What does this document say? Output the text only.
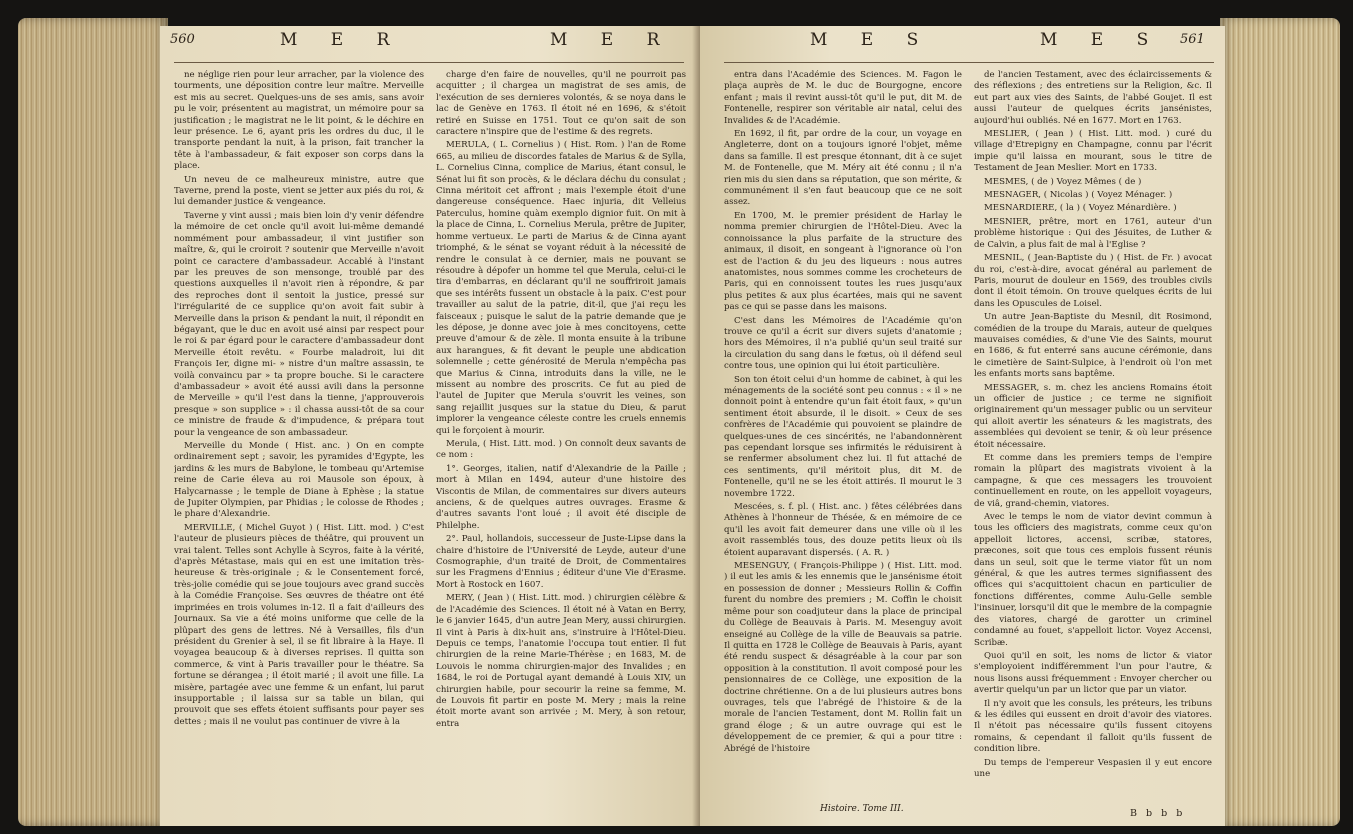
560	M E R	M E R

ne néglige rien pour leur arracher, par la violence des tourments, une déposition contre leur maître. Merveille est mis au secret. Quelques-uns de ses amis, sans avoir pu le voir, présentent au magistrat, un mémoire pour sa justification ; le magistrat ne le lit point, & le déchire en leur présence. Le 6, ayant pris les ordres du duc, il le transporte pendant la nuit, à la prison, fait trancher la tête à l'ambassadeur, & fait exposer son corps dans la place.

Un neveu de ce malheureux ministre, autre que Taverne, prend la poste, vient se jetter aux piés du roi, & lui demander justice & vengeance.

Taverne y vint aussi ; mais bien loin d'y venir défendre la mémoire de cet oncle qu'il avoit lui-même demandé nommément pour ambassadeur, il vint justifier son maître, &, qui le croiroit ? soutenir que Merveille n'avoit point ce caractere d'ambassadeur. Accablé à l'instant par les preuves de son mensonge, troublé par des questions auxquelles il n'avoit rien à répondre, & par des reproches dont il sentoit la justice, pressé sur l'irrégularité de ce supplice qu'on avoit fait subir à Merveille dans la prison & pendant la nuit, il répondit en bégayant, que le duc en avoit usé ainsi par respect pour le roi & par égard pour le caractere d'ambassadeur dont Merveille étoit revêtu. « Fourbe maladroit, lui dit François Ier, digne mi- » nistre d'un maître assassin, te voilà convaincu par » ta propre bouche. Si le caractere d'ambassadeur » avoit été aussi avili dans la personne de Merveille » qu'il l'est dans la tienne, j'approuverois presque » son supplice » : il chassa aussi-tôt de sa cour ce ministre de fraude & d'impudence, & prépara tout pour la vengeance de son ambassadeur.

Merveille du Monde ( Hist. anc. ) On en compte ordinairement sept ; savoir, les pyramides d'Egypte, les jardins & les murs de Babylone, le tombeau qu'Artemise reine de Carie éleva au roi Mausole son époux, à Halycarnasse ; le temple de Diane à Ephèse ; la statue de Jupiter Olympien, par Phidias ; le colosse de Rhodes ; le phare d'Alexandrie.

MERVILLE, ( Michel Guyot ) ( Hist. Litt. mod. ) C'est l'auteur de plusieurs pièces de théâtre, qui prouvent un vrai talent. Telles sont Achylle à Scyros, faite à la vérité, d'après Métastase, mais qui en est une imitation très-heureuse & très-originale ; & le Consentement forcé, très-jolie comédie qui se joue toujours avec grand succès à la Comédie Françoise. Ses œuvres de théatre ont été imprimées en trois volumes in-12. Il a fait d'ailleurs des Journaux. Sa vie a été moins uniforme que celle de la plûpart des gens de lettres. Né à Versailles, fils d'un président du Grenier à sel, il se fit libraire à la Haye. Il voyagea beaucoup & à diverses reprises. Il quitta son commerce, & vint à Paris travailler pour le théatre. Sa fortune se dérangea ; il étoit marié ; il avoit une fille. La misère, partagée avec une femme & un enfant, lui parut insupportable ; il laissa sur sa table un bilan, qui prouvoit que ses effets étoient suffisants pour payer ses dettes ; mais il ne voulut pas continuer de vivre à la

charge d'en faire de nouvelles, qu'il ne pourroit pas acquitter ; il chargea un magistrat de ses amis, de l'exécution de ses dernieres volontés, & se noya dans le lac de Genève en 1763. Il étoit né en 1696, & s'étoit retiré en Suisse en 1751. Tout ce qu'on sait de son caractere n'inspire que de l'estime & des regrets.

MERULA, ( L. Cornelius ) ( Hist. Rom. ) l'an de Rome 665, au milieu de discordes fatales de Marius & de Sylla, L. Cornelius Cinna, complice de Marius, étant consul, le Sénat lui fit son procès, & le déclara déchu du consulat ; Cinna méritoit cet affront ; mais l'exemple étoit d'une dangereuse conséquence. Haec injuria, dit Velleius Paterculus, homine quàm exemplo dignior fuit. On mit à la place de Cinna, L. Cornelius Merula, prêtre de Jupiter, homme vertueux. Le parti de Marius & de Cinna ayant triomphé, & le sénat se voyant réduit à la nécessité de rendre le consulat à ce dernier, mais ne pouvant se résoudre à dépofer un homme tel que Merula, celui-ci le tira d'embarras, en déclarant qu'il ne souffriroit jamais que ses intérêts fussent un obstacle à la paix. C'est pour travailler au salut de la patrie, dit-il, que j'ai reçu les faisceaux ; puisque le salut de la patrie demande que je les dépose, je donne avec joie à mes concitoyens, cette preuve d'amour & de zèle. Il monta ensuite à la tribune aux harangues, & fit devant le peuple une abdication solemnelle ; cette générosité de Merula n'empêcha pas que Marius & Cinna, introduits dans la ville, ne le missent au nombre des proscrits. Ce fut au pied de l'autel de Jupiter que Merula s'ouvrit les veines, son sang rejaillit jusques sur la statue du Dieu, & parut implorer la vengeance céleste contre les cruels ennemis qui le forçoient à mourir.

Merula, ( Hist. Litt. mod. ) On connoît deux savants de ce nom :

1°. Georges, italien, natif d'Alexandrie de la Paille ; mort à Milan en 1494, auteur d'une histoire des Viscontis de Milan, de commentaires sur divers auteurs anciens, & de quelques autres ouvrages. Erasme & d'autres savants l'ont loué ; il avoit été disciple de Philelphe.

2°. Paul, hollandois, successeur de Juste-Lipse dans la chaire d'histoire de l'Université de Leyde, auteur d'une Cosmographie, d'un traité de Droit, de Commentaires sur les Fragmens d'Ennius ; éditeur d'une Vie d'Erasme. Mort à Rostock en 1607.

MERY, ( Jean ) ( Hist. Litt. mod. ) chirurgien célèbre & de l'Académie des Sciences. Il étoit né à Vatan en Berry, le 6 janvier 1645, d'un autre Jean Mery, aussi chirurgien. Il vint à Paris à dix-huit ans, s'instruire à l'Hôtel-Dieu. Depuis ce temps, l'anatomie l'occupa tout entier. Il fut chirurgien de la reine Marie-Thérèse ; en 1683, M. de Louvois le nomma chirurgien-major des Invalides ; en 1684, le roi de Portugal ayant demandé à Louis XIV, un chirurgien habile, pour secourir la reine sa femme, M. de Louvois fit partir en poste M. Mery ; mais la reine étoit morte avant son arrivée ; M. Mery, à son retour, entra

M E S	M E S 561

entra dans l'Académie des Sciences. M. Fagon le plaça auprès de M. le duc de Bourgogne, encore enfant ; mais il revint aussi-tôt qu'il le put, dit M. de Fontenelle, respirer son véritable air natal, celui des Invalides & de l'Académie.

En 1692, il fit, par ordre de la cour, un voyage en Angleterre, dont on a toujours ignoré l'objet, même dans sa famille. Il est presque étonnant, dit à ce sujet M. de Fontenelle, que M. Méry ait été connu ; il n'a rien mis du sien dans sa réputation, que son mérite, & communément il s'en faut beaucoup que ce ne soit assez.

En 1700, M. le premier président de Harlay le nomma premier chirurgien de l'Hôtel-Dieu. Avec la connoissance la plus parfaite de la structure des animaux, il disoit, en songeant à l'ignorance où l'on est de l'action & du jeu des liqueurs : nous autres anatomistes, nous sommes comme les crocheteurs de Paris, qui en connoissent toutes les rues jusqu'aux plus petites & aux plus écartées, mais qui ne savent pas ce qui se passe dans les maisons.

C'est dans les Mémoires de l'Académie qu'on trouve ce qu'il a écrit sur divers sujets d'anatomie ; hors des Mémoires, il n'a publié qu'un seul traité sur la circulation du sang dans le fœtus, où il défend seul contre tous, une opinion qui lui étoit particulière.

Son ton étoit celui d'un homme de cabinet, à qui les ménagements de la société sont peu connus : « il » ne donnoit point à entendre qu'un fait étoit faux, » qu'un sentiment étoit absurde, il le disoit. » Ceux de ses confrères de l'Académie qui pouvoient se plaindre de quelques-unes de ces sincérités, ne l'abandonnèrent pas cependant lorsque ses infirmités le réduisirent à se renfermer absolument chez lui. Il fut attaché de ces sentiments, qu'il méritoit plus, dit M. de Fontenelle, qu'il ne se les étoit attirés. Il mourut le 3 novembre 1722.

Mescées, s. f. pl. ( Hist. anc. ) fêtes célébrées dans Athènes à l'honneur de Thésée, & en mémoire de ce qu'il les avoit fait demeurer dans une ville où il les avoit rassemblés tous, des douze petits lieux où ils étoient auparavant dispersés. ( A. R. )

MESENGUY, ( François-Philippe ) ( Hist. Litt. mod. ) il eut les amis & les ennemis que le jansénisme étoit en possession de donner ; Messieurs Rollin & Coffin furent du nombre des premiers ; M. Coffin le choisit même pour son coadjuteur dans la place de principal du Collège de Beauvais à Paris. M. Mesenguy avoit enseigné au Collège de la ville de Beauvais sa patrie. Il quitta en 1728 le Collège de Beauvais à Paris, ayant été rendu suspect & désagréable à la cour par son opposition à la constitution. Il avoit composé pour les pensionnaires de ce Collège, une exposition de la doctrine chrétienne. On a de lui plusieurs autres bons ouvrages, tels que l'abrégé de l'histoire & de la morale de l'ancien Testament, dont M. Rollin fait un grand éloge ; & un autre ouvrage qui est le développement de ce premier, & qui a pour titre : Abrégé de l'histoire

Histoire. Tome III.

de l'ancien Testament, avec des éclaircissements & des réflexions ; des entretiens sur la Religion, &c. Il eut part aux vies des Saints, de l'abbé Goujet. Il est aussi l'auteur de quelques écrits jansénistes, aujourd'hui oubliés. Né en 1677. Mort en 1763.

MESLIER, ( Jean ) ( Hist. Litt. mod. ) curé du village d'Etrepigny en Champagne, connu par l'écrit impie qu'il laissa en mourant, sous le titre de Testament de Jean Meslier. Mort en 1733.

MESMES, ( de ) Voyez Mêmes ( de )

MESNAGER, ( Nicolas ) ( Voyez Ménager. )

MESNARDIERE, ( la ) ( Voyez Ménardière. )

MESNIER, prêtre, mort en 1761, auteur d'un problème historique : Qui des Jésuites, de Luther & de Calvin, a plus fait de mal à l'Eglise ?

MESNIL, ( Jean-Baptiste du ) ( Hist. de Fr. ) avocat du roi, c'est-à-dire, avocat général au parlement de Paris, mourut de douleur en 1569, des troubles civils dont il étoit témoin. On trouve quelques écrits de lui dans les Opuscules de Loisel.

Un autre Jean-Baptiste du Mesnil, dit Rosimond, comédien de la troupe du Marais, auteur de quelques mauvaises comédies, & d'une Vie des Saints, mourut en 1686, & fut enterré sans aucune cérémonie, dans le cimetière de Saint-Sulpice, à l'endroit où l'on met les enfants morts sans baptême.

MESSAGER, s. m. chez les anciens Romains étoit un officier de justice ; ce terme ne signifioit originairement qu'un messager public ou un serviteur qui alloit avertir les sénateurs & les magistrats, des assemblées qui devoient se tenir, & où leur présence étoit nécessaire.

Et comme dans les premiers temps de l'empire romain la plûpart des magistrats vivoient à la campagne, & que ces messagers les trouvoient continuellement en route, on les appelloit voyageurs, de viâ, grand-chemin, viatores.

Avec le temps le nom de viator devint commun à tous les officiers des magistrats, comme ceux qu'on appelloit lictores, accensi, scribæ, statores, præcones, soit que tous ces emplois fussent réunis dans un seul, soit que le terme viator fût un nom général, & que les autres termes signifiassent des offices qui s'acquittoient chacun en particulier de fonctions différentes, comme Aulu-Gelle semble l'insinuer, lorsqu'il dit que le membre de la compagnie des viatores, chargé de garotter un criminel condamné au fouet, s'appelloit lictor. Voyez Accensi, Scribæ.

Quoi qu'il en soit, les noms de lictor & viator s'employoient indifféremment l'un pour l'autre, & nous lisons aussi fréquemment : Envoyer chercher ou avertir quelqu'un par un lictor que par un viator.

Il n'y avoit que les consuls, les préteurs, les tribuns & les édiles qui eussent en droit d'avoir des viatores. Il n'étoit pas nécessaire qu'ils fussent citoyens romains, & cependant il falloit qu'ils fussent de condition libre.

Du temps de l'empereur Vespasien il y eut encore une

B b b b
